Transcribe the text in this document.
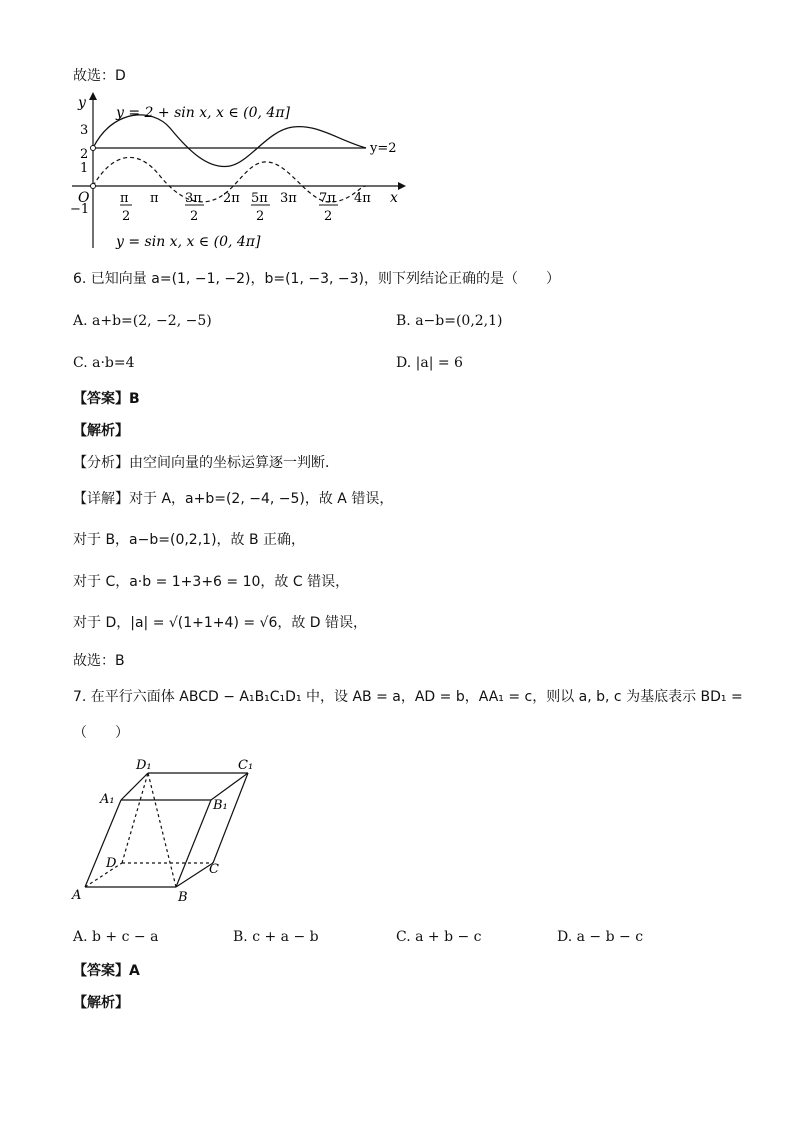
故选：D
y
x
O
3
2
1
−1
y=2
π
2
π 3π
2
2π 5π
2
3π 7π
2
4π
y = 2 + sin x, x ∈ (0, 4π]
y = sin x, x ∈ (0, 4π]
6. 已知向量 a=(1, −1, −2)，b=(1, −3, −3)，则下列结论正确的是（　　）
A. a+b=(2, −2, −5)	B. a−b=(0,2,1)
C. a·b=4	D. |a| = 6
【答案】B
【解析】
【分析】由空间向量的坐标运算逐一判断．
【详解】对于 A，a+b=(2, −4, −5)，故 A 错误，
对于 B，a−b=(0,2,1)，故 B 正确，
对于 C，a·b = 1+3+6 = 10，故 C 错误，
对于 D，|a| = √(1+1+4) = √6，故 D 错误，
故选：B
7. 在平行六面体 ABCD − A₁B₁C₁D₁ 中，设 AB = a，AD = b，AA₁ = c，则以 a, b, c 为基底表示 BD₁ =
（　　）
A	B
C
D
A₁	B₁
C₁
D₁
A. b + c − a	B. c + a − b	C. a + b − c	D. a − b − c
【答案】A
【解析】
